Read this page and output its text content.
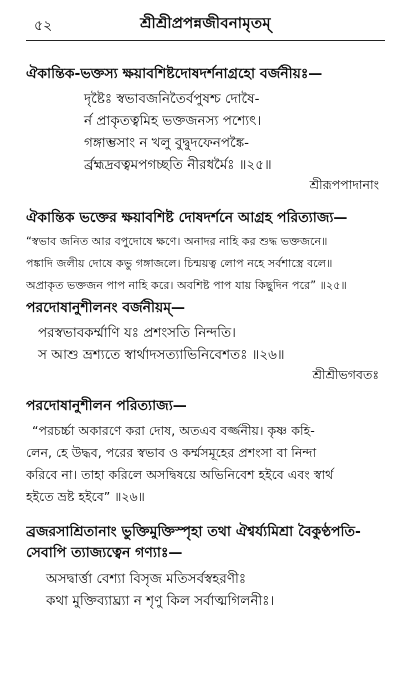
৫২	শ্রীশ্রীপ্রপন্নজীবনামৃতম্
ঐকান্তিক-ভক্তস্য ক্ষয়াবশিষ্টদোষদর্শনাগ্রহো বর্জনীয়ঃ—
দৃষ্টৈঃ স্বভাবজনিতৈর্বপুষশ্চ দোষৈ-
র্ন প্রাকৃতত্বমিহ ভক্তজনস্য পশ্যেৎ।
গঙ্গাম্ভসাং ন খলু বুদ্বুদফেনপঙ্কৈ-
র্ব্রহ্মদ্রবত্বমপগচ্ছতি নীরধর্মৈঃ ॥২৫॥
শ্রীরূপপাদানাং
ঐকান্তিক ভক্তের ক্ষয়াবশিষ্ট দোষদর্শনে আগ্রহ পরিত্যাজ্য—
“স্বভাব জনিত আর বপুদোষে ক্ষণে। অনাদর নাহি কর শুদ্ধ ভক্তজনে॥
পঙ্কাদি জলীয় দোষে কভু গঙ্গাজলে। চিন্ময়ত্ব লোপ নহে সর্বশাস্ত্রে বলে॥
অপ্রাকৃত ভক্তজন পাপ নাহি করে। অবশিষ্ট পাপ যায় কিছুদিন পরে” ॥২৫॥
পরদোষানুশীলনং বর্জনীয়ম্—
পরস্বভাবকর্ম্মাণি যঃ প্রশংসতি নিন্দতি।
স আশু ভ্রশ্যতে স্বার্থাদসত্যাভিনিবেশতঃ ॥২৬॥
শ্রীশ্রীভগবতঃ
পরদোষানুশীলন পরিত্যাজ্য—
“পরচর্চ্চা অকারণে করা দোষ, অতএব বর্জ্জনীয়। কৃষ্ণ কহি-
লেন, হে উদ্ধব, পরের স্বভাব ও কর্ম্মসমূহের প্রশংসা বা নিন্দা
করিবে না। তাহা করিলে অসদ্বিষয়ে অভিনিবেশ হইবে এবং স্বার্থ
হইতে ভ্রষ্ট হইবে” ॥২৬॥
ব্রজরসাশ্রিতানাং ভুক্তিমুক্তিস্পৃহা তথা ঐশ্বর্য্যমিশ্রা বৈকুণ্ঠপতি-
সেবাপি ত্যাজ্যত্বেন গণ্যাঃ—
অসদ্বার্ত্তা বেশ্যা বিসৃজ মতিসর্বস্বহরণীঃ
কথা মুক্তিব্যাঘ্র্যা ন শৃণু কিল সর্বাত্মগিলনীঃ।
